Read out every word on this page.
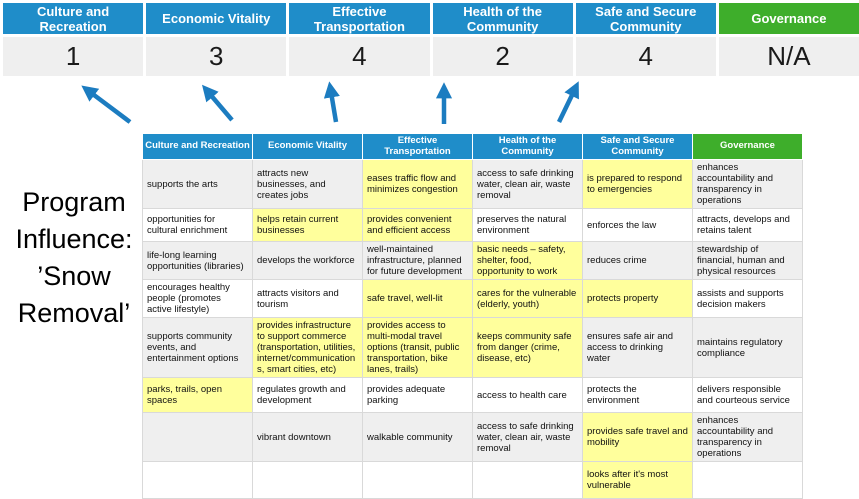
Culture and Recreation
1
Economic Vitality
3
Effective Transportation
4
Health of the Community
2
Safe and Secure Community
4
Governance
N/A
Program Influence: ’Snow Removal’
Culture and Recreation	Economic Vitality	Effective Transportation	Health of the Community	Safe and Secure Community	Governance
supports the arts	attracts new businesses, and creates jobs	eases traffic flow and minimizes congestion	access to safe drinking water, clean air, waste removal	is prepared to respond to emergencies	enhances accountability and transparency in operations
opportunities for cultural enrichment	helps retain current businesses	provides convenient and efficient access	preserves the natural environment	enforces the law	attracts, develops and retains talent
life-long learning opportunities (libraries)	develops the workforce	well-maintained infrastructure, planned for future development	basic needs – safety, shelter, food, opportunity to work	reduces crime	stewardship of financial, human and physical resources
encourages healthy people (promotes active lifestyle)	attracts visitors and tourism	safe travel, well-lit	cares for the vulnerable (elderly, youth)	protects property	assists and supports decision makers
supports community events, and entertainment options	provides infrastructure to support commerce (transportation, utilities, internet/communications, smart cities, etc)	provides access to multi-modal travel options (transit, public transportation, bike lanes, trails)	keeps community safe from danger (crime, disease, etc)	ensures safe air and access to drinking water	maintains regulatory compliance
parks, trails, open spaces	regulates growth and development	provides adequate parking	access to health care	protects the environment	delivers responsible and courteous service
	vibrant downtown	walkable community	access to safe drinking water, clean air, waste removal	provides safe travel and mobility	enhances accountability and transparency in operations
				looks after it's most vulnerable	
